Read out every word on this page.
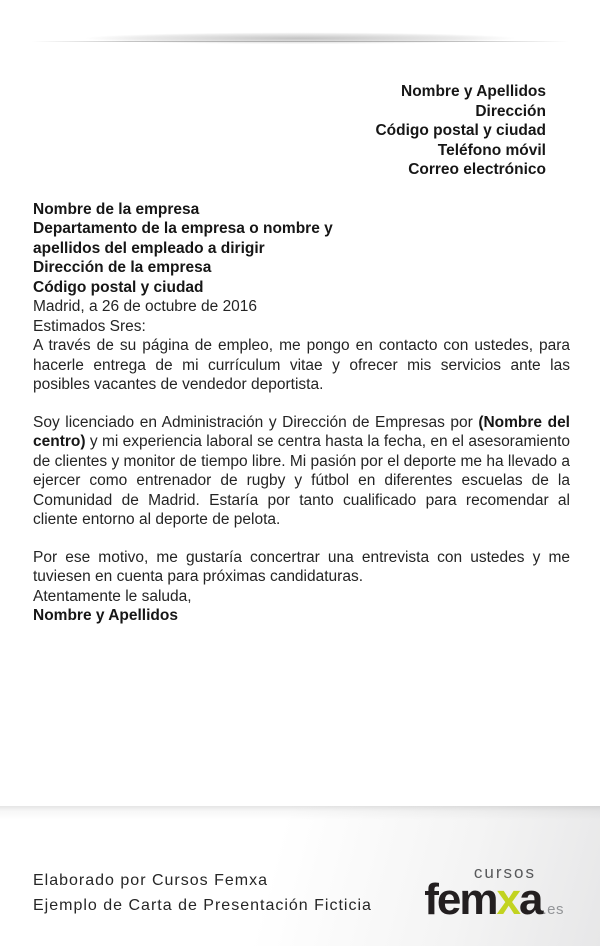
Nombre y Apellidos
Dirección
Código postal y ciudad
Teléfono móvil
Correo electrónico
Nombre de la empresa
Departamento de la empresa o nombre y
apellidos del empleado a dirigir
Dirección de la empresa
Código postal y ciudad

Madrid, a 26 de octubre de 2016

Estimados Sres:

A través de su página de empleo, me pongo en contacto con ustedes, para hacerle entrega de mi currículum vitae y ofrecer mis servicios ante las posibles vacantes de vendedor deportista.

Soy licenciado en Administración y Dirección de Empresas por (Nombre del centro) y mi experiencia laboral se centra hasta la fecha, en el asesoramiento de clientes y monitor de tiempo libre. Mi pasión por el deporte me ha llevado a ejercer como entrenador de rugby y fútbol en diferentes escuelas de la Comunidad de Madrid. Estaría por tanto cualificado para recomendar al cliente entorno al deporte de pelota.

Por ese motivo, me gustaría concertrar una entrevista con ustedes y me tuviesen en cuenta para próximas candidaturas.

Atentamente le saluda,

Nombre y Apellidos

Elaborado por Cursos Femxa
Ejemplo de Carta de Presentación Ficticia
cursos
femxa.es
